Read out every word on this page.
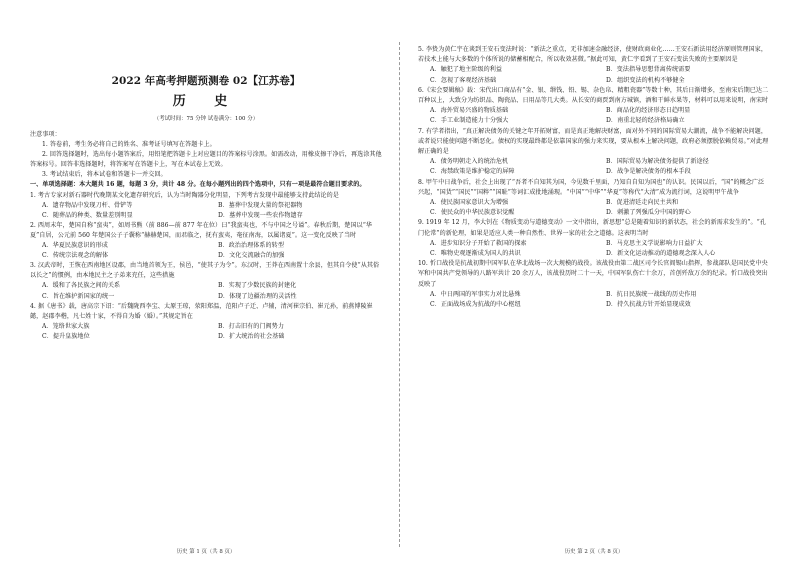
2022 年高考押题预测卷 02【江苏卷】
历 史
（考试时间：75 分钟 试卷满分：100 分）
注意事项：

1. 答卷前，考生务必将自己的姓名、准考证号填写在答题卡上。

2. 回答选择题时，选出每小题答案后，用铅笔把答题卡上对应题目的答案标号涂黑。如需改动，用橡皮擦干净后，再选涂其他答案标号。回答非选择题时，将答案写在答题卡上，写在本试卷上无效。

3. 考试结束后，将本试卷和答题卡一并交回。

一、单项选择题：本大题共 16 题，每题 3 分，共计 48 分。在每小题列出的四个选项中，只有一项是最符合题目要求的。

1. 考古专家对新石器时代晚期某文化遗存研究后，认为当时陶器分化明显，下列考古发现中最能够支持此结论的是

A．遗存物品中发现刀杆、骨铲等	B．墓葬中发现大量的祭祀器物
C．随葬品的种类、数量差别明显	D．墓葬中发现一些农作物遗存

2. 西周末年，楚国自称“蛮夷”，如周书熊（前 886—前 877 年在位）曰“我蛮夷也，不与中国之号谥”。春秋后期，楚国以“华夏”自居，公元前 560 年楚国公子子囊称“赫赫楚国，而君临之，抚有蛮夷，奄征南海，以属诸夏”。这一变化反映了当时

A．华夏民族意识的形成	B．政治治理体系的转型
C．传统宗法观念的解体	D．文化交流融合的加强

3. 汉武帝时，王恢在西南地区设郡，由当地首领为王，侯邑，“使其子为令”。东汉时，王莽在西南置十余县，但其自令使“从其俗以长之”的惯例，由本地民主之子弟来充任，这些措施

A．缓和了各民族之间的关系	B．实现了少数民族的封建化
C．旨在维护新国家的统一	D．体现了边疆治理的灵活性

4. 据《唐书》载，唐高宗下诏：“后魏陇西李宝、太原王琼，荥阳郑温，范阳卢子迁、卢辅，清河崔宗伯、崔元孙，前燕博陵崔懿，赵郡李楷，凡七姓十家，不得自为婚（婚）。”其规定旨在

A．笼络世家大族	B．打击旧有的门阀势力
C．提升皇族地位	D．扩大统治的社会基础

5. 李贽为黄仁宇在谈到王安石变法时说：“新法之重点，无非加速金融经济，使财政商业化……王安石新法用经济原则管理国家，若技术上能与大多数的个体所说的储蓄相配合，所以收效甚微。”据此可知，黄仁宇看到了王安石变法失败的主要原因是

A．触犯了地主阶级的利益	B．变法指导思想背离传统需要
C．忽视了客观经济基础	D．组织变法的机构不够健全

6.《宋会要辑稿》载：宋代出口商品有“金、银、缗钱、铅、锡、杂色帛、精粗瓷器”等数十种，其后日渐增多，至南宋后期已达二百种以上，大致分为纺织品、陶瓷品、日用品等几大类。从长安的商贾到南方城镇，酒和干鲜水果等，材料可以用来说明，南宋时

A．海外贸易兴盛的物质基础	B．商品化的经济形态日趋明显
C．手工业制造能力十分强大	D．南重北轻的经济格局确立

7. 有学者指出，“真正解决债务的关键之年开拓财富，而是真正地解决财富，面对外不同的国际贸易大潮流，战争不能解决问题，或者说只能使问题不断恶化。债权的实现最终都是依靠国家的强力来实现，要从根本上解决问题，政府必须摆脱依赖贸易。”对此理解正确的是

A．债务明朝走入的统治危机	B．国际贸易为解决债务提供了新途径
C．海禁政策是维护稳定的屏障	D．战争是解决债务的根本手段

8. 甲午中日战争后，社会上出现了“吾者不自知其为国，今见数千里面，乃知自自知为国也”的认识。民国以后，“国”的概念广泛兴起，“国货”“国民”“国粹”“国耻”等词汇成批地涌现。“中国”“中华”“华夏”等称代“大清”成为流行词，这说明甲午战争

A．使民族国家意识大为增强	B．促进清廷走向民主共和
C．使民众的中华民族意识觉醒	D．刺激了列强瓜分中国的野心

9. 1919 年 12 月，李大钊在《物质变动与道德变动》一文中指出，新思想“总是随着知识的新状态，社会的新需求发生的”。“孔门伦常”的新伦理，如果是适应人类一种自然性、世界一家的社会之道德。这表明当时

A．进步知识分子开始了救国的探索	B．马克思主义学说影响力日益扩大
C．唯物史观逐渐成为国人的共识	D．新文化运动推动的道德观念深入人心

10. 忻口战役是抗战初期中国军队在华北战场一次大规模的战役。该战役由第二战区司令长官阎锡山指挥，参战部队是国民党中央军和中国共产党领导的八路军共计 20 余万人，该战役历时二十一天，中国军队伤亡十余万，首创歼敌万余的纪录。忻口战役突出反映了

A．中日两国的军事实力对比悬殊	B．抗日民族统一战线的历史作用
C．正面战场成为抗战的中心枢纽	D．持久抗战方针开始显现成效
历史 第 1 页（共 8 页）	历史 第 2 页（共 8 页）
